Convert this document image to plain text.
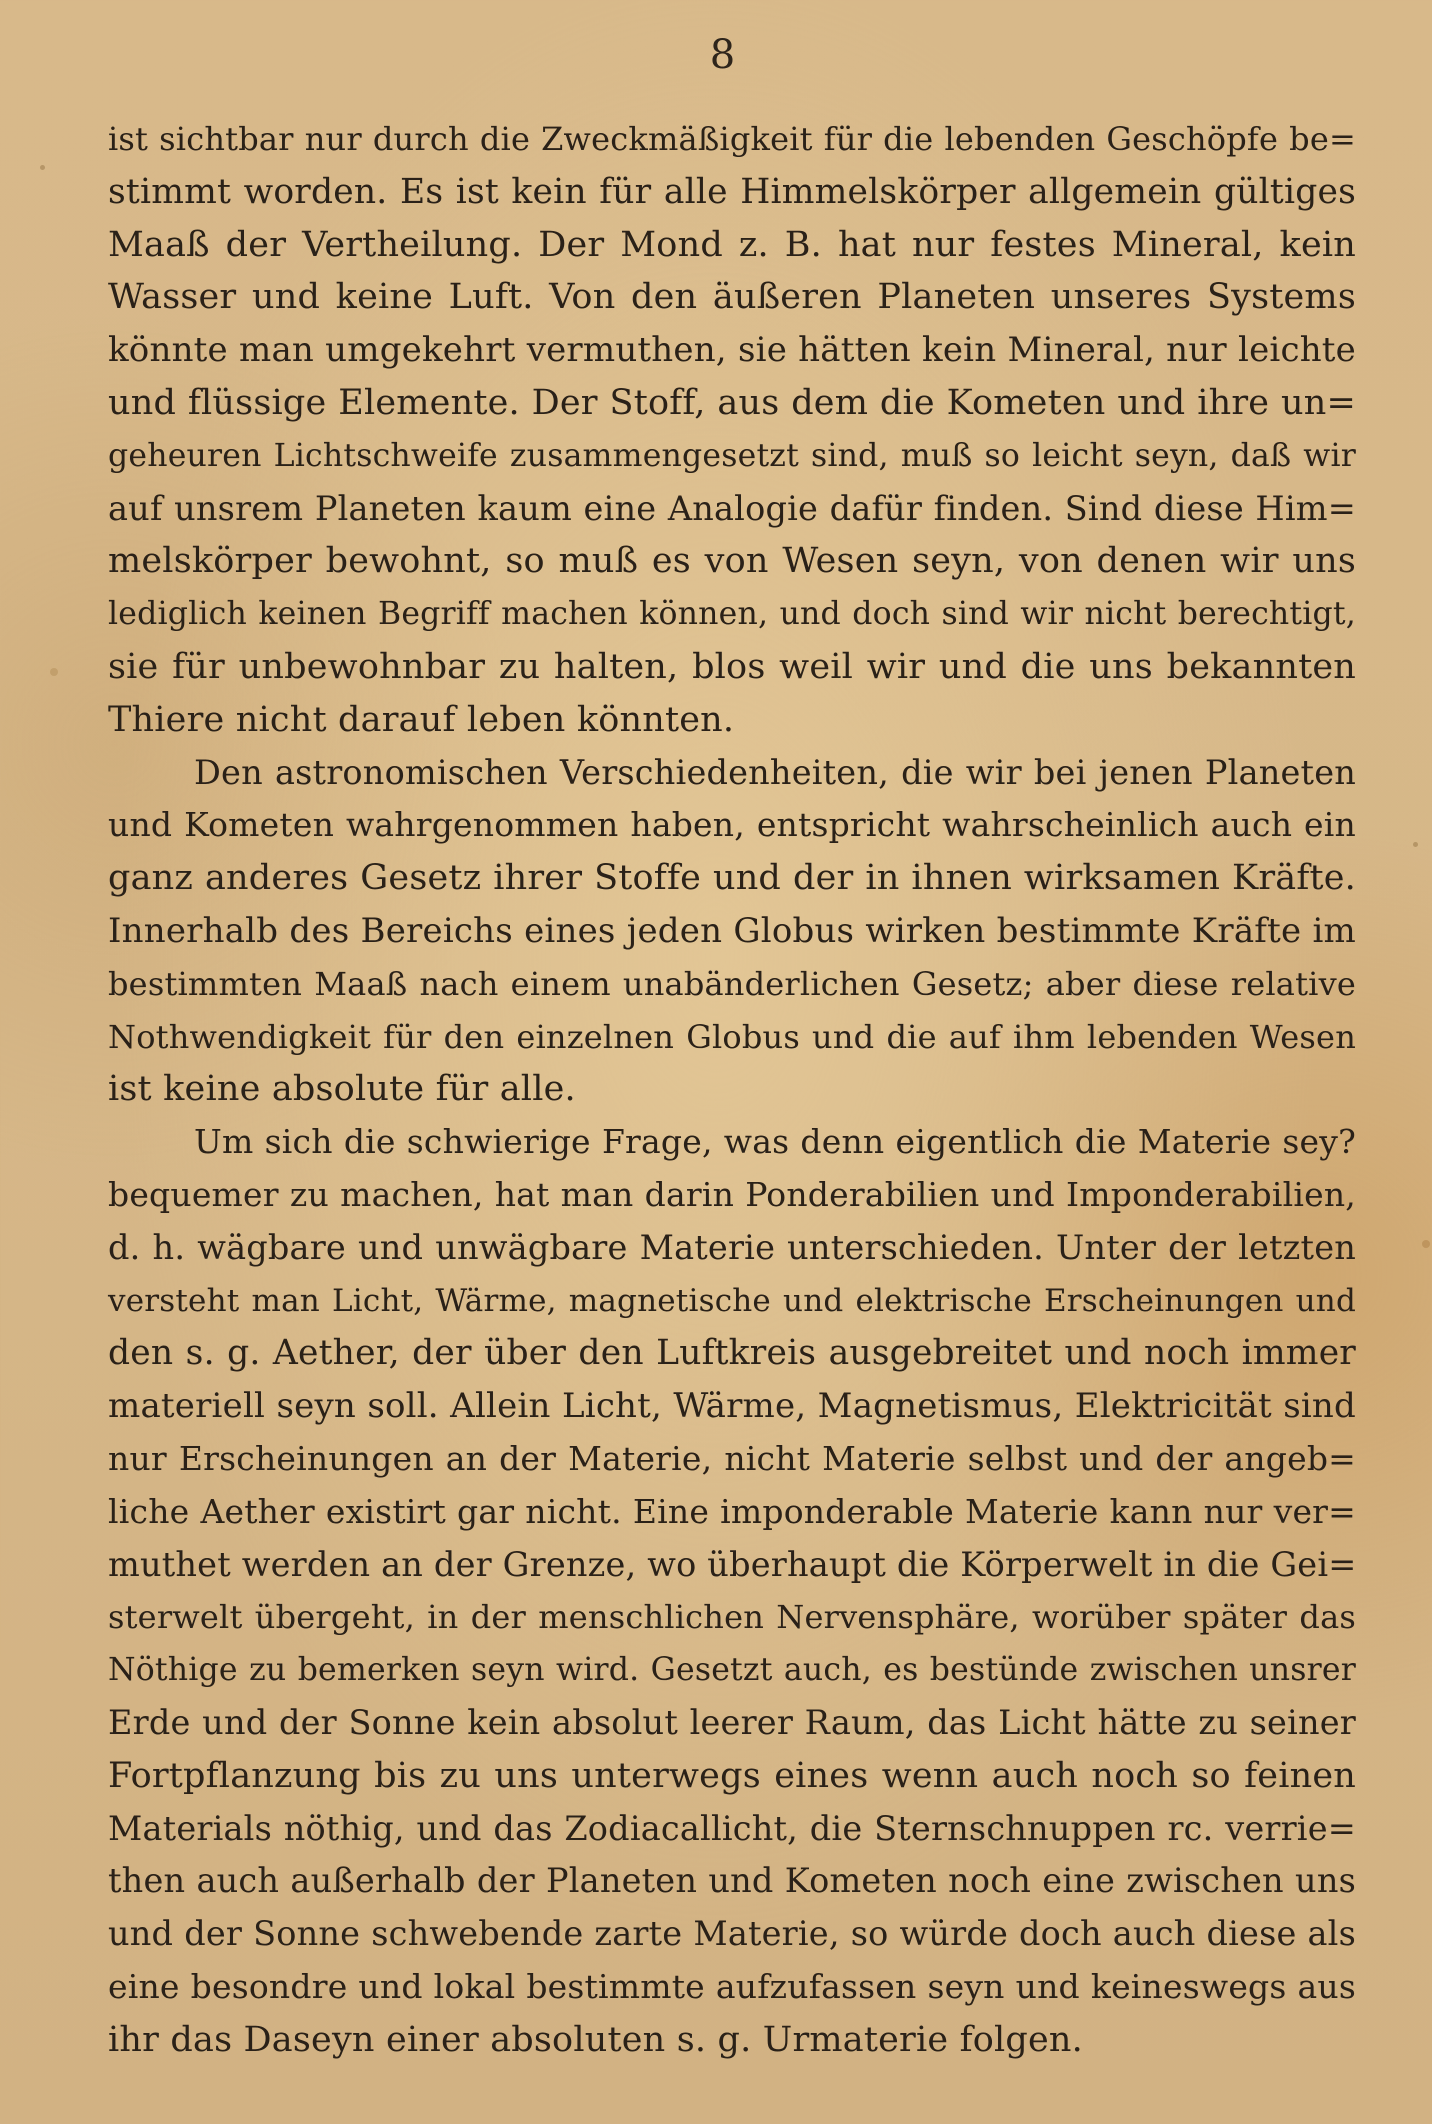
8
ist sichtbar nur durch die Zweckmäßigkeit für die lebenden Geschöpfe be=
stimmt worden. Es ist kein für alle Himmelskörper allgemein gültiges
Maaß der Vertheilung. Der Mond z. B. hat nur festes Mineral, kein
Wasser und keine Luft. Von den äußeren Planeten unseres Systems
könnte man umgekehrt vermuthen, sie hätten kein Mineral, nur leichte
und flüssige Elemente. Der Stoff, aus dem die Kometen und ihre un=
geheuren Lichtschweife zusammengesetzt sind, muß so leicht seyn, daß wir
auf unsrem Planeten kaum eine Analogie dafür finden. Sind diese Him=
melskörper bewohnt, so muß es von Wesen seyn, von denen wir uns
lediglich keinen Begriff machen können, und doch sind wir nicht berechtigt,
sie für unbewohnbar zu halten, blos weil wir und die uns bekannten
Thiere nicht darauf leben könnten.
Den astronomischen Verschiedenheiten, die wir bei jenen Planeten
und Kometen wahrgenommen haben, entspricht wahrscheinlich auch ein
ganz anderes Gesetz ihrer Stoffe und der in ihnen wirksamen Kräfte.
Innerhalb des Bereichs eines jeden Globus wirken bestimmte Kräfte im
bestimmten Maaß nach einem unabänderlichen Gesetz; aber diese relative
Nothwendigkeit für den einzelnen Globus und die auf ihm lebenden Wesen
ist keine absolute für alle.
Um sich die schwierige Frage, was denn eigentlich die Materie sey?
bequemer zu machen, hat man darin Ponderabilien und Imponderabilien,
d. h. wägbare und unwägbare Materie unterschieden. Unter der letzten
versteht man Licht, Wärme, magnetische und elektrische Erscheinungen und
den s. g. Aether, der über den Luftkreis ausgebreitet und noch immer
materiell seyn soll. Allein Licht, Wärme, Magnetismus, Elektricität sind
nur Erscheinungen an der Materie, nicht Materie selbst und der angeb=
liche Aether existirt gar nicht. Eine imponderable Materie kann nur ver=
muthet werden an der Grenze, wo überhaupt die Körperwelt in die Gei=
sterwelt übergeht, in der menschlichen Nervensphäre, worüber später das
Nöthige zu bemerken seyn wird. Gesetzt auch, es bestünde zwischen unsrer
Erde und der Sonne kein absolut leerer Raum, das Licht hätte zu seiner
Fortpflanzung bis zu uns unterwegs eines wenn auch noch so feinen
Materials nöthig, und das Zodiacallicht, die Sternschnuppen rc. verrie=
then auch außerhalb der Planeten und Kometen noch eine zwischen uns
und der Sonne schwebende zarte Materie, so würde doch auch diese als
eine besondre und lokal bestimmte aufzufassen seyn und keineswegs aus
ihr das Daseyn einer absoluten s. g. Urmaterie folgen.
